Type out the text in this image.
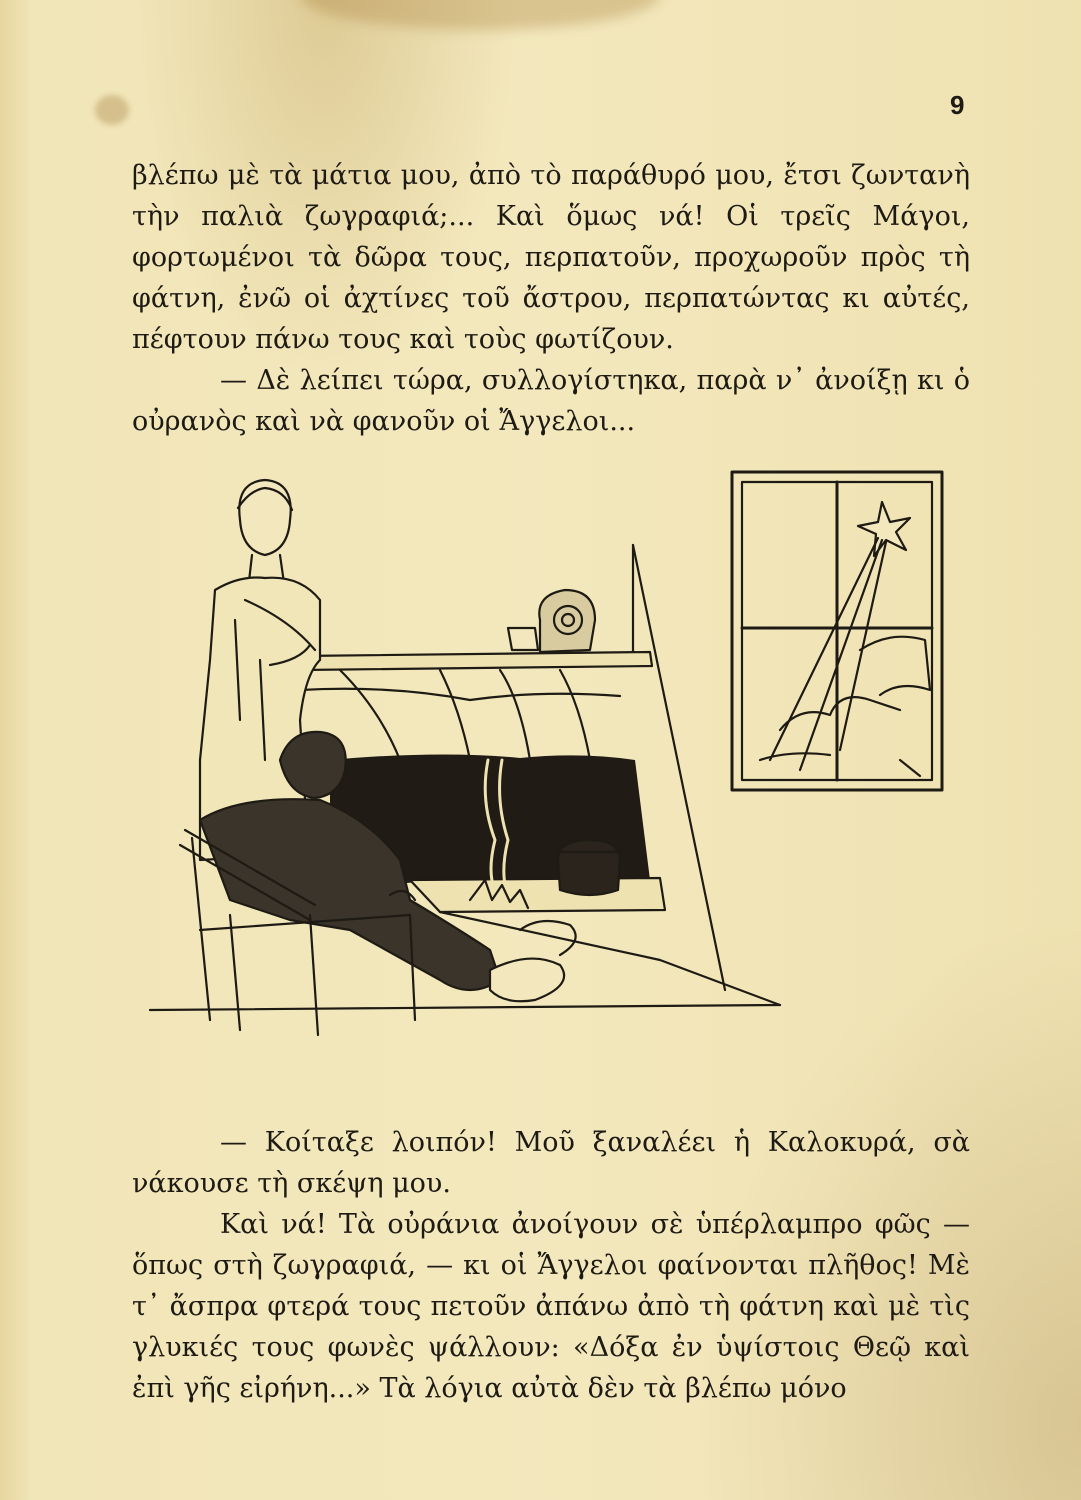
9

βλέπω μὲ τὰ μάτια μου, ἀπὸ τὸ παράθυρό μου, ἔτσι ζωντανὴ τὴν παλιὰ ζωγραφιά;... Καὶ ὅμως νά! Οἱ τρεῖς Μάγοι, φορτωμένοι τὰ δῶρα τους, περπατοῦν, προχωροῦν πρὸς τὴ φάτνη, ἐνῶ οἱ ἀχτίνες τοῦ ἄστρου, περπατώντας κι αὐτές, πέφτουν πάνω τους καὶ τοὺς φωτίζουν.

— Δὲ λείπει τώρα, συλλογίστηκα, παρὰ ν᾿ ἀνοίξῃ κι ὁ οὐρανὸς καὶ νὰ φανοῦν οἱ Ἄγγελοι...

— Κοίταξε λοιπόν! Μοῦ ξαναλέει ἡ Καλοκυρά, σὰ νάκουσε τὴ σκέψη μου.

Καὶ νά! Τὰ οὐράνια ἀνοίγουν σὲ ὑπέρλαμπρο φῶς — ὅπως στὴ ζωγραφιά, — κι οἱ Ἄγγελοι φαίνονται πλῆθος! Μὲ τ᾿ ἄσπρα φτερά τους πετοῦν ἀπάνω ἀπὸ τὴ φάτνη καὶ μὲ τὶς γλυκιές τους φωνὲς ψάλλουν: «Δόξα ἐν ὑψίστοις Θεῷ καὶ ἐπὶ γῆς εἰρήνη...» Τὰ λόγια αὐτὰ δὲν τὰ βλέπω μόνο
